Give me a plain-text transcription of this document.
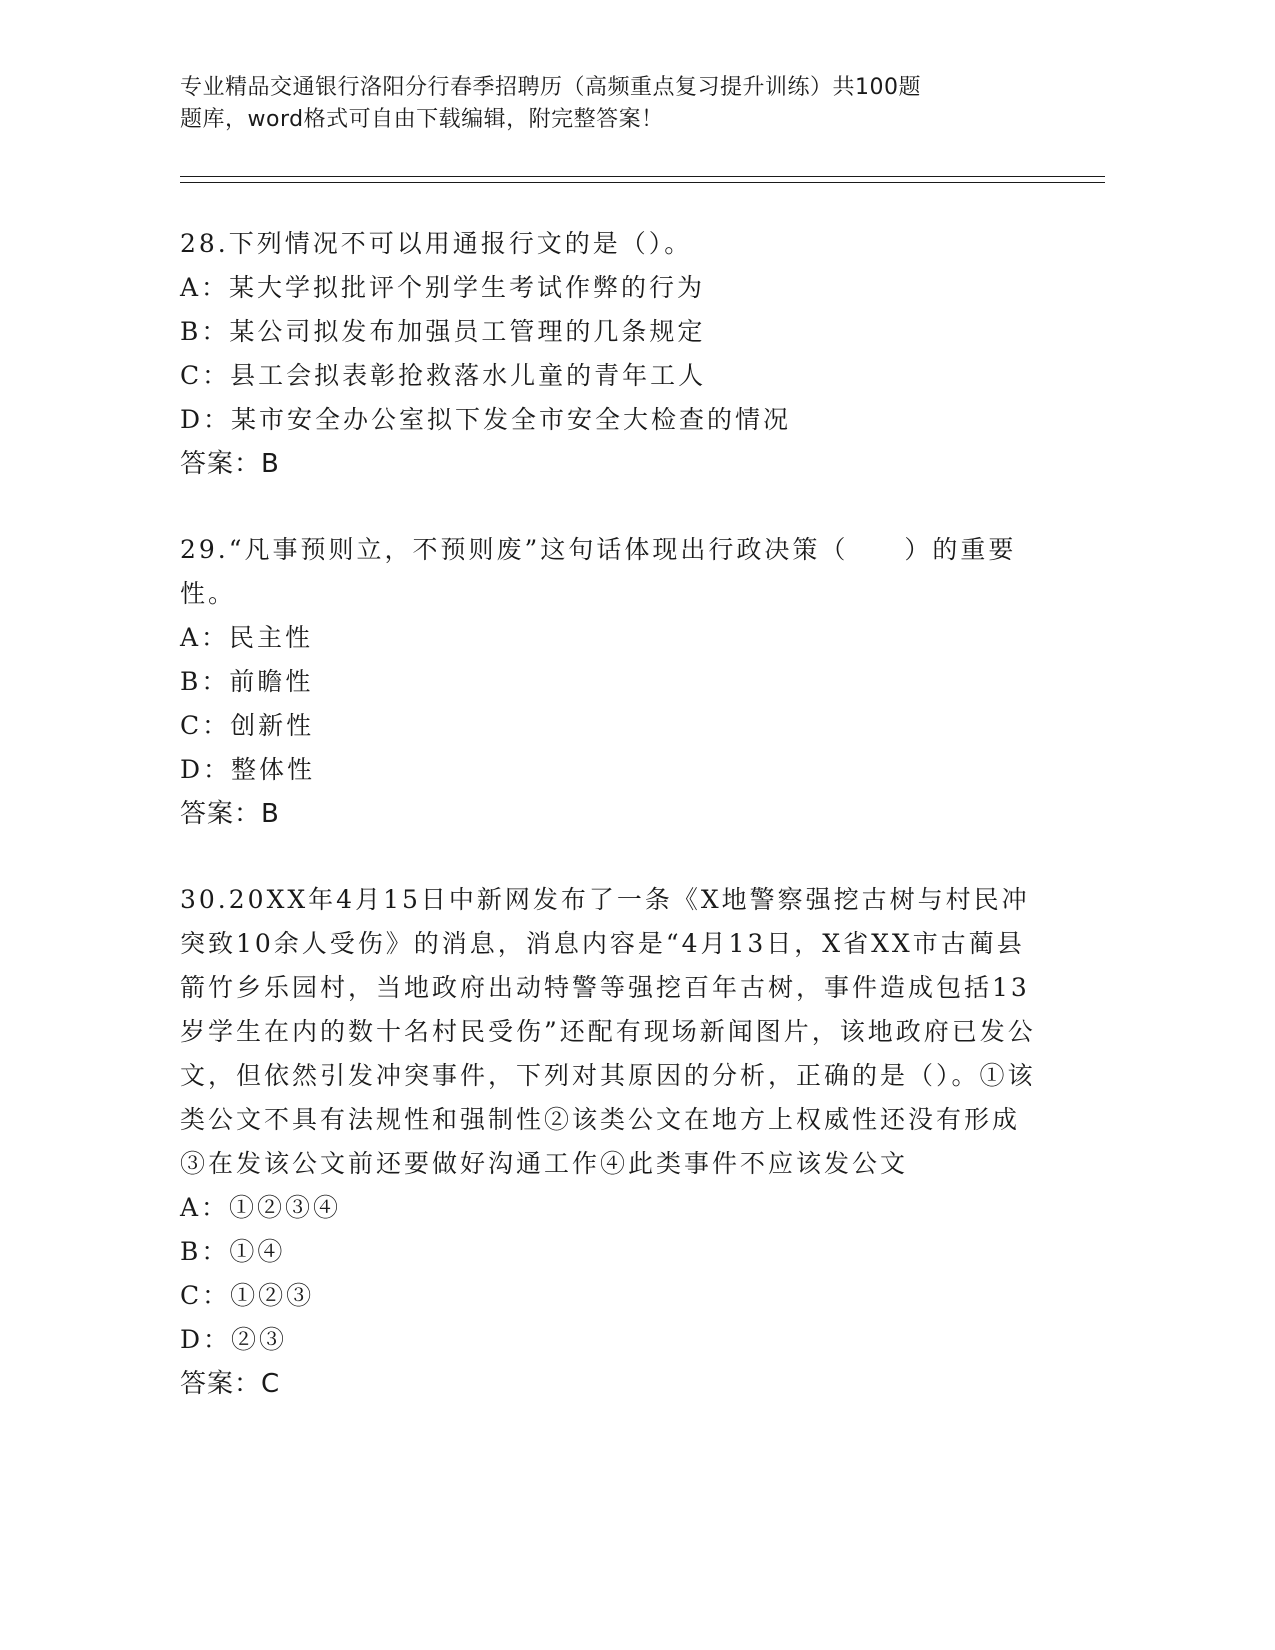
专业精品交通银行洛阳分行春季招聘历（高频重点复习提升训练）共100题
题库，word格式可自由下载编辑，附完整答案！
28.下列情况不可以用通报行文的是（）。
A：某大学拟批评个别学生考试作弊的行为
B：某公司拟发布加强员工管理的几条规定
C：县工会拟表彰抢救落水儿童的青年工人
D：某市安全办公室拟下发全市安全大检查的情况
答案：B
29.“凡事预则立，不预则废”这句话体现出行政决策（　　）的重要性。
A：民主性
B：前瞻性
C：创新性
D：整体性
答案：B
30.20XX年4月15日中新网发布了一条《X地警察强挖古树与村民冲突致10余人受伤》的消息，消息内容是“4月13日，X省XX市古蔺县箭竹乡乐园村，当地政府出动特警等强挖百年古树，事件造成包括13岁学生在内的数十名村民受伤”还配有现场新闻图片，该地政府已发公文，但依然引发冲突事件，下列对其原因的分析，正确的是（）。①该类公文不具有法规性和强制性②该类公文在地方上权威性还没有形成③在发该公文前还要做好沟通工作④此类事件不应该发公文
A：①②③④
B：①④
C：①②③
D：②③
答案：C
